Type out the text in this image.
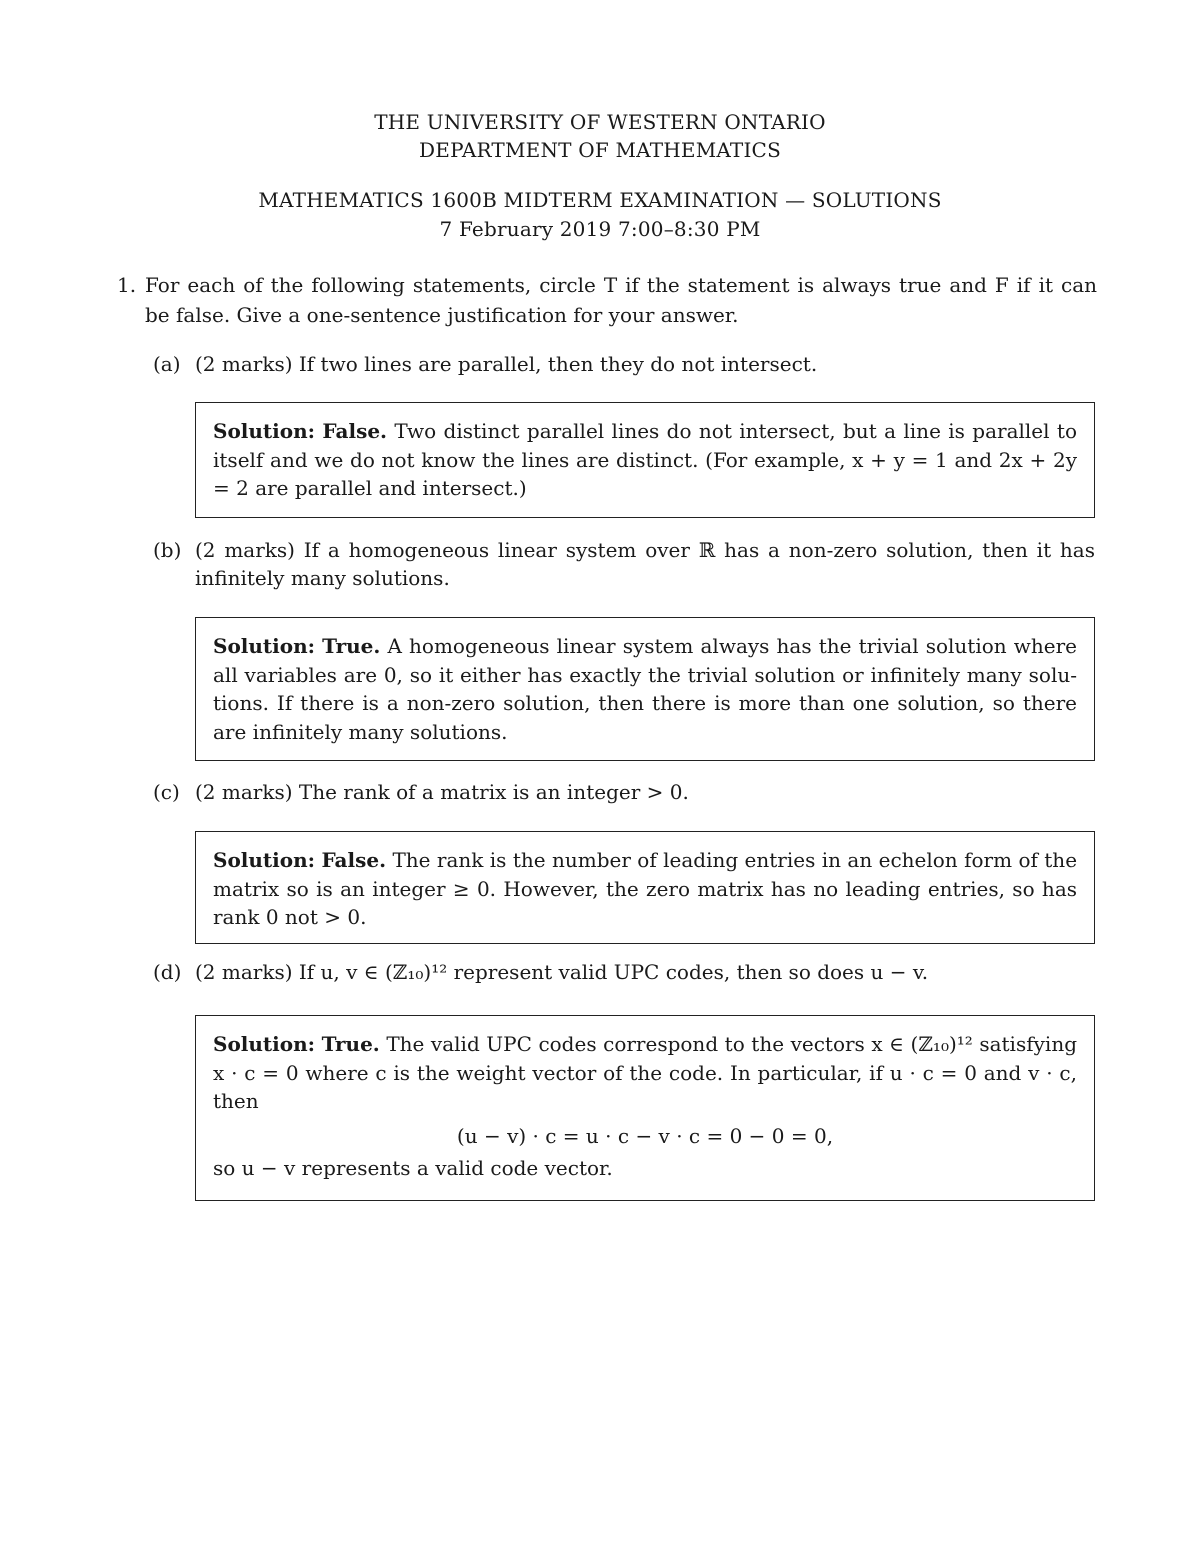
THE UNIVERSITY OF WESTERN ONTARIO
DEPARTMENT OF MATHEMATICS
MATHEMATICS 1600B MIDTERM EXAMINATION — SOLUTIONS
7 February 2019 7:00–8:30 PM
1. For each of the following statements, circle T if the statement is always true and F if it can be false. Give a one-sentence justification for your answer.
(a) (2 marks) If two lines are parallel, then they do not intersect.
Solution: False. Two distinct parallel lines do not intersect, but a line is parallel to itself and we do not know the lines are distinct. (For example, x + y = 1 and 2x + 2y = 2 are parallel and intersect.)
(b) (2 marks) If a homogeneous linear system over ℝ has a non-zero solution, then it has infinitely many solutions.
Solution: True. A homogeneous linear system always has the trivial solution where all variables are 0, so it either has exactly the trivial solution or infinitely many solu- tions. If there is a non-zero solution, then there is more than one solution, so there are infinitely many solutions.
(c) (2 marks) The rank of a matrix is an integer > 0.
Solution: False. The rank is the number of leading entries in an echelon form of the matrix so is an integer ≥ 0. However, the zero matrix has no leading entries, so has rank 0 not > 0.
(d) (2 marks) If u, v ∈ (ℤ₁₀)¹² represent valid UPC codes, then so does u − v.
Solution: True. The valid UPC codes correspond to the vectors x ∈ (ℤ₁₀)¹² satisfying x · c = 0 where c is the weight vector of the code. In particular, if u · c = 0 and v · c, then
(u − v) · c = u · c − v · c = 0 − 0 = 0,
so u − v represents a valid code vector.
